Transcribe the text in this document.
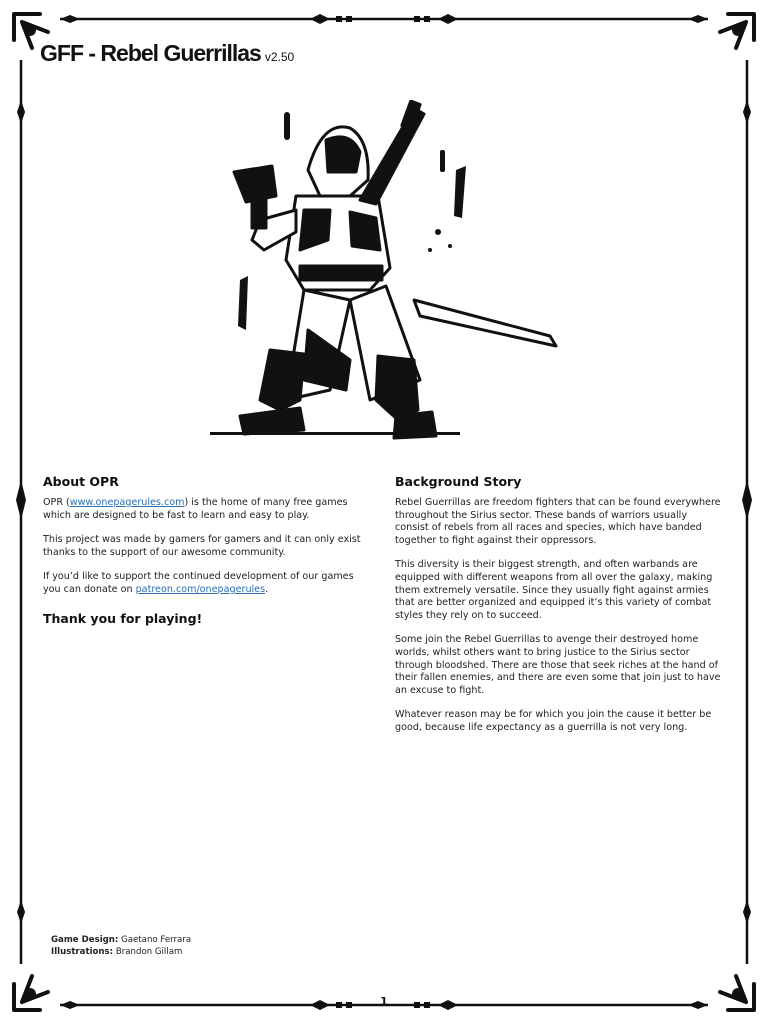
GFF - Rebel Guerrillas v2.50
About OPR

OPR (www.onepagerules.com) is the home of many free games which are designed to be fast to learn and easy to play.

This project was made by gamers for gamers and it can only exist thanks to the support of our awesome community.

If you’d like to support the continued development of our games you can donate on patreon.com/onepagerules.

Thank you for playing!
Background Story

Rebel Guerrillas are freedom fighters that can be found everywhere throughout the Sirius sector. These bands of warriors usually consist of rebels from all races and species, which have banded together to fight against their oppressors.

This diversity is their biggest strength, and often warbands are equipped with different weapons from all over the galaxy, making them extremely versatile. Since they usually fight against armies that are better organized and equipped it’s this variety of combat styles they rely on to succeed.

Some join the Rebel Guerrillas to avenge their destroyed home worlds, whilst others want to bring justice to the Sirius sector through bloodshed. There are those that seek riches at the hand of their fallen enemies, and there are even some that join just to have an excuse to fight.

Whatever reason may be for which you join the cause it better be good, because life expectancy as a guerrilla is not very long.

Game Design: Gaetano Ferrara
Illustrations: Brandon Gillam
1
